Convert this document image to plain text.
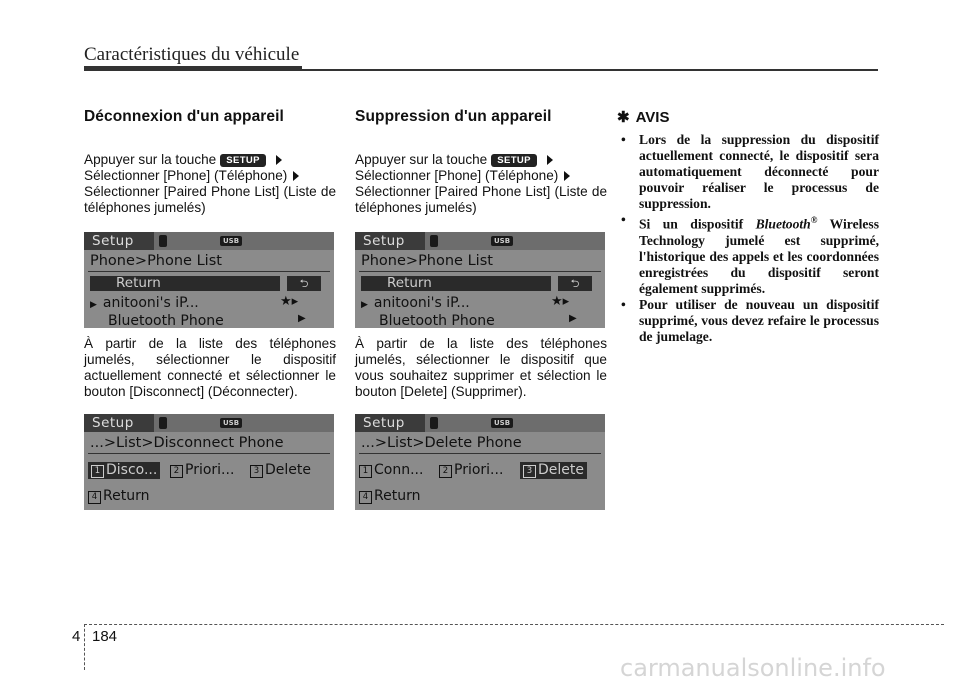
Caractéristiques du véhicule
Déconnexion d'un appareil

Appuyer sur la touche	SETUP
Sélectionner [Phone] (Téléphone)
Sélectionner [Paired Phone List] (Liste de téléphones jumelés)

Setup	USB
Phone>Phone List
Return	⮌
▶ anitooni's iP...	★▸
Bluetooth Phone	▶

À partir de la liste des téléphones jumelés, sélectionner le dispositif actuellement connecté et sélectionner le bouton [Disconnect] (Déconnecter).

Setup	USB
...>List>Disconnect Phone
1 Disco...	2 Priori...	3 Delete
4 Return
Suppression d'un appareil

Appuyer sur la touche	SETUP
Sélectionner [Phone] (Téléphone)
Sélectionner [Paired Phone List] (Liste de téléphones jumelés)

Setup	USB
Phone>Phone List
Return	⮌
▶ anitooni's iP...	★▸
Bluetooth Phone	▶

À partir de la liste des téléphones jumelés, sélectionner le dispositif que vous souhaitez supprimer et sélection le bouton [Delete] (Supprimer).

Setup	USB
...>List>Delete Phone
1 Conn...	2 Priori...	3 Delete
4 Return
✱ AVIS
• Lors de la suppression du dispositif actuellement connecté, le dispositif sera automatiquement déconnecté pour pouvoir réaliser le processus de suppression.
• Si un dispositif Bluetooth® Wireless Technology jumelé est supprimé, l'historique des appels et les coordonnées enregistrées du dispositif seront également supprimés.
• Pour utiliser de nouveau un dispositif supprimé, vous devez refaire le processus de jumelage.
4 184
carmanualsonline.info
